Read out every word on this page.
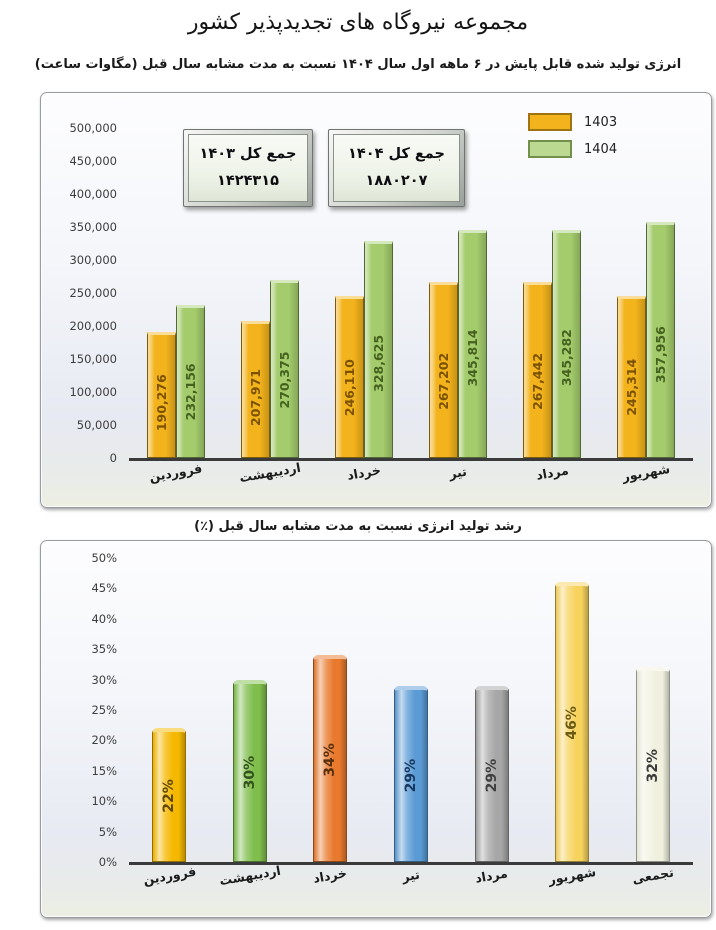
مجموعه نیروگاه های تجدیدپذیر کشور
انرژی تولید شده قابل پایش در ۶ ماهه اول سال ۱۴۰۴ نسبت به مدت مشابه سال قبل (مگاوات ساعت)
0
50,000
100,000
150,000
200,000
250,000
300,000
350,000
400,000
450,000
500,000
190,276	232,156	207,971	270,375	246,110	328,625	267,202	345,814	267,442	345,282
245,314
357,956
فروردین	اردیبهشت	خرداد	تیر	مرداد	شهریور
جمع کل ۱۴۰۳
۱۴۲۴۳۱۵
جمع کل ۱۴۰۴
۱۸۸۰۲۰۷
1403
1404
رشد تولید انرژی نسبت به مدت مشابه سال قبل (٪)
0%
5%
10%
15%
20%
25%
30%
35%
40%
45%
50%
22%
30%	34%	29%	29%
46%
32%
فروردین اردیبهشت خرداد	تیر	مرداد	شهریور	تجمعی
